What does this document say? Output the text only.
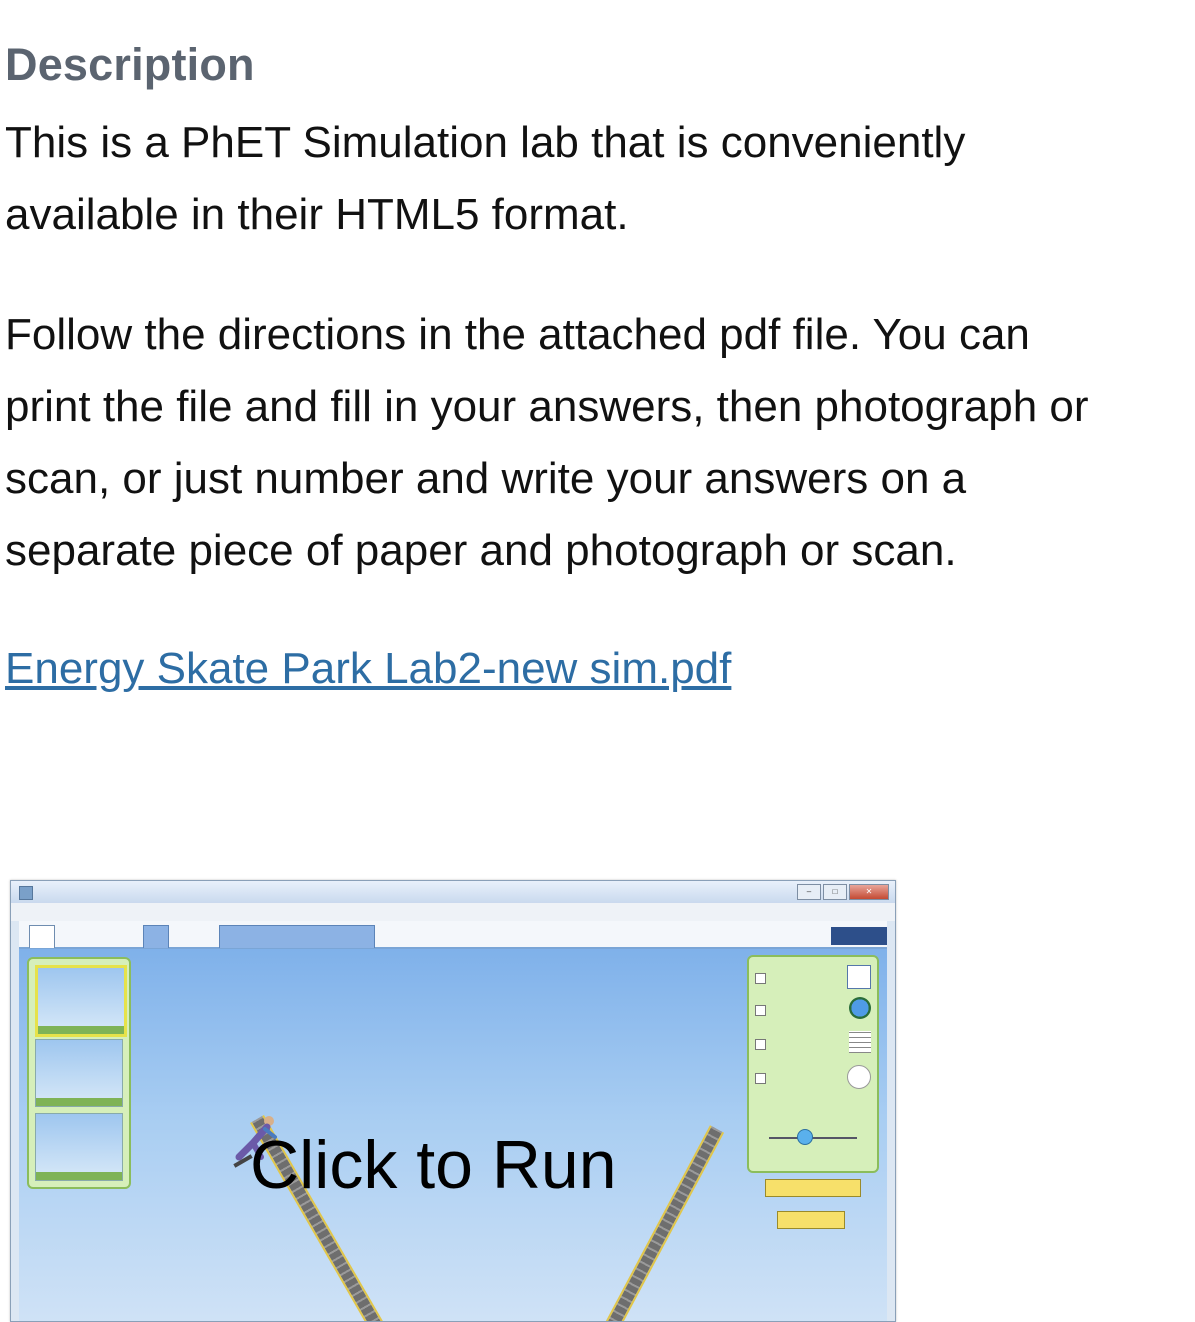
Description

This is a PhET Simulation lab that is conveniently
available in their HTML5 format.

Follow the directions in the attached pdf file. You can
print the file and fill in your answers, then photograph or
scan, or just number and write your answers on a
separate piece of paper and photograph or scan.

Energy Skate Park Lab2-new sim.pdf
–	□	✕
Click to Run
